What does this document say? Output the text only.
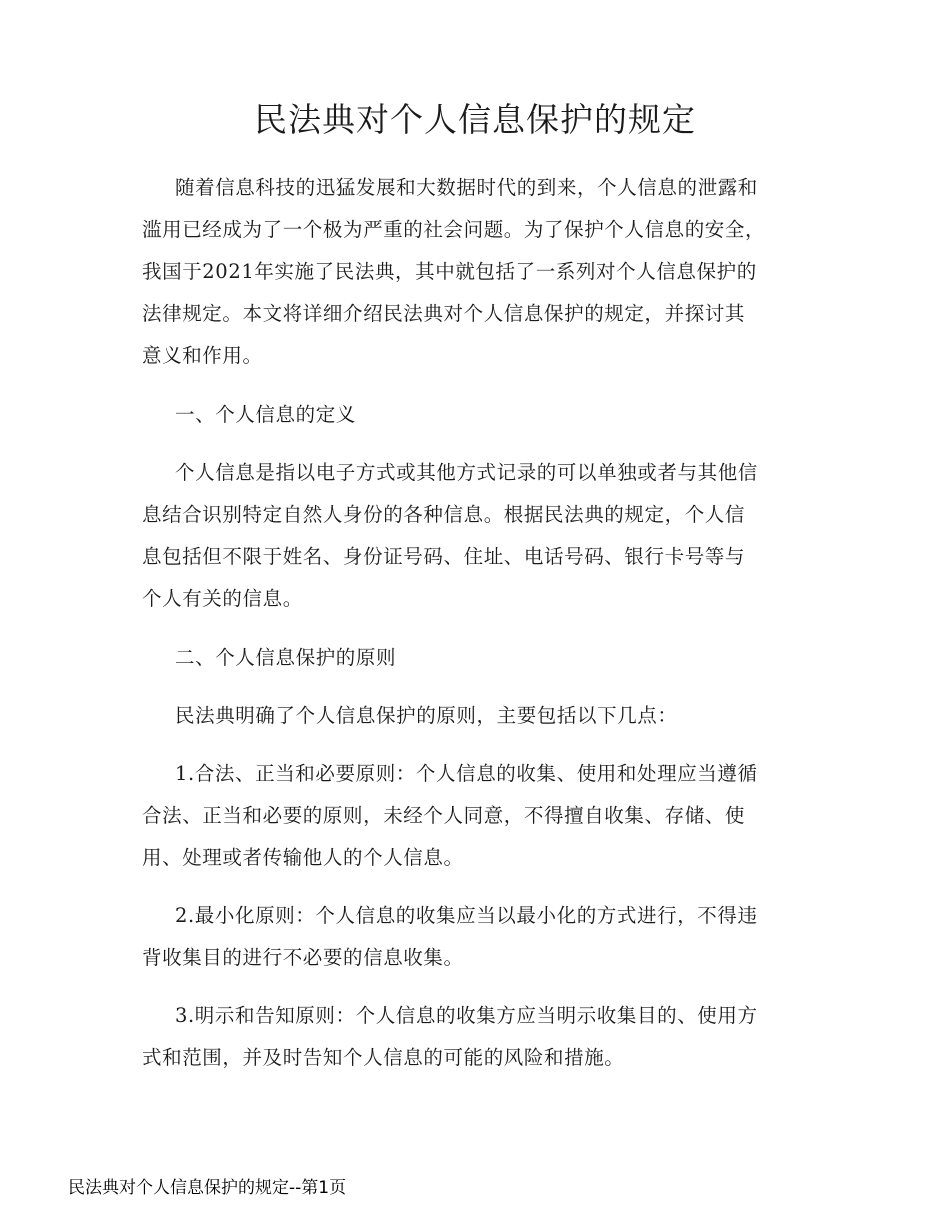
民法典对个人信息保护的规定

随着信息科技的迅猛发展和大数据时代的到来，个人信息的泄露和

滥用已经成为了一个极为严重的社会问题。为了保护个人信息的安全，

我国于2021年实施了民法典，其中就包括了一系列对个人信息保护的

法律规定。本文将详细介绍民法典对个人信息保护的规定，并探讨其

意义和作用。

一、个人信息的定义

个人信息是指以电子方式或其他方式记录的可以单独或者与其他信

息结合识别特定自然人身份的各种信息。根据民法典的规定，个人信

息包括但不限于姓名、身份证号码、住址、电话号码、银行卡号等与

个人有关的信息。

二、个人信息保护的原则

民法典明确了个人信息保护的原则，主要包括以下几点：

1.合法、正当和必要原则：个人信息的收集、使用和处理应当遵循

合法、正当和必要的原则，未经个人同意，不得擅自收集、存储、使

用、处理或者传输他人的个人信息。

2.最小化原则：个人信息的收集应当以最小化的方式进行，不得违

背收集目的进行不必要的信息收集。

3.明示和告知原则：个人信息的收集方应当明示收集目的、使用方

式和范围，并及时告知个人信息的可能的风险和措施。

民法典对个人信息保护的规定--第1页
